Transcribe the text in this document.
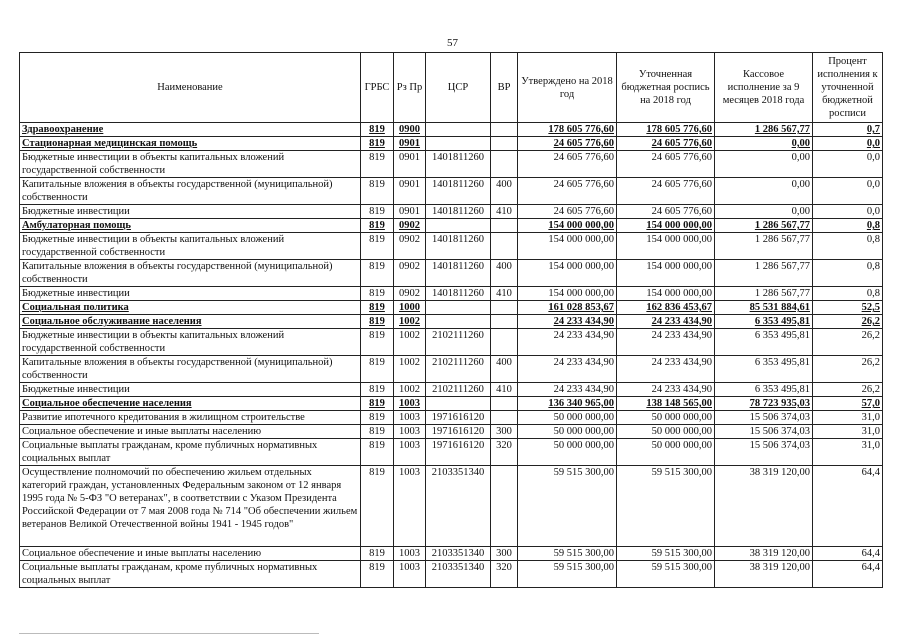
57
Наименование	ГРБС	Рз Пр	ЦСР	ВР	Утверждено на 2018 год	Уточненная бюджетная роспись на 2018 год	Кассовое исполнение за 9 месяцев 2018 года	Процент исполнения к уточненной бюджетной росписи
Здравоохранение	819	0900			178 605 776,60	178 605 776,60	1 286 567,77	0,7
Стационарная медицинская помощь	819	0901			24 605 776,60	24 605 776,60	0,00	0,0
Бюджетные инвестиции в объекты капитальных вложений государственной собственности	819	0901	1401811260		24 605 776,60	24 605 776,60	0,00	0,0
Капитальные вложения в объекты государственной (муниципальной) собственности	819	0901	1401811260	400	24 605 776,60	24 605 776,60	0,00	0,0
Бюджетные инвестиции	819	0901	1401811260	410	24 605 776,60	24 605 776,60	0,00	0,0
Амбулаторная помощь	819	0902			154 000 000,00	154 000 000,00	1 286 567,77	0,8
Бюджетные инвестиции в объекты капитальных вложений государственной собственности	819	0902	1401811260		154 000 000,00	154 000 000,00	1 286 567,77	0,8
Капитальные вложения в объекты государственной (муниципальной) собственности	819	0902	1401811260	400	154 000 000,00	154 000 000,00	1 286 567,77	0,8
Бюджетные инвестиции	819	0902	1401811260	410	154 000 000,00	154 000 000,00	1 286 567,77	0,8
Социальная политика	819	1000			161 028 853,67	162 836 453,67	85 531 884,61	52,5
Социальное обслуживание населения	819	1002			24 233 434,90	24 233 434,90	6 353 495,81	26,2
Бюджетные инвестиции в объекты капитальных вложений государственной собственности	819	1002	2102111260		24 233 434,90	24 233 434,90	6 353 495,81	26,2
Капитальные вложения в объекты государственной (муниципальной) собственности	819	1002	2102111260	400	24 233 434,90	24 233 434,90	6 353 495,81	26,2
Бюджетные инвестиции	819	1002	2102111260	410	24 233 434,90	24 233 434,90	6 353 495,81	26,2
Социальное обеспечение населения	819	1003			136 340 965,00	138 148 565,00	78 723 935,03	57,0
Развитие ипотечного кредитования в жилищном строительстве	819	1003	1971616120		50 000 000,00	50 000 000,00	15 506 374,03	31,0
Социальное обеспечение и иные выплаты населению	819	1003	1971616120	300	50 000 000,00	50 000 000,00	15 506 374,03	31,0
Социальные выплаты гражданам, кроме публичных нормативных социальных выплат	819	1003	1971616120	320	50 000 000,00	50 000 000,00	15 506 374,03	31,0
Осуществление полномочий по обеспечению жильем отдельных категорий граждан, установленных Федеральным законом от 12 января 1995 года № 5-ФЗ "О ветеранах", в соответствии с Указом Президента Российской Федерации от 7 мая 2008 года № 714 "Об обеспечении жильем ветеранов Великой Отечественной войны 1941 - 1945 годов"	819	1003	2103351340		59 515 300,00	59 515 300,00	38 319 120,00	64,4
Социальное обеспечение и иные выплаты населению	819	1003	2103351340	300	59 515 300,00	59 515 300,00	38 319 120,00	64,4
Социальные выплаты гражданам, кроме публичных нормативных социальных выплат	819	1003	2103351340	320	59 515 300,00	59 515 300,00	38 319 120,00	64,4
